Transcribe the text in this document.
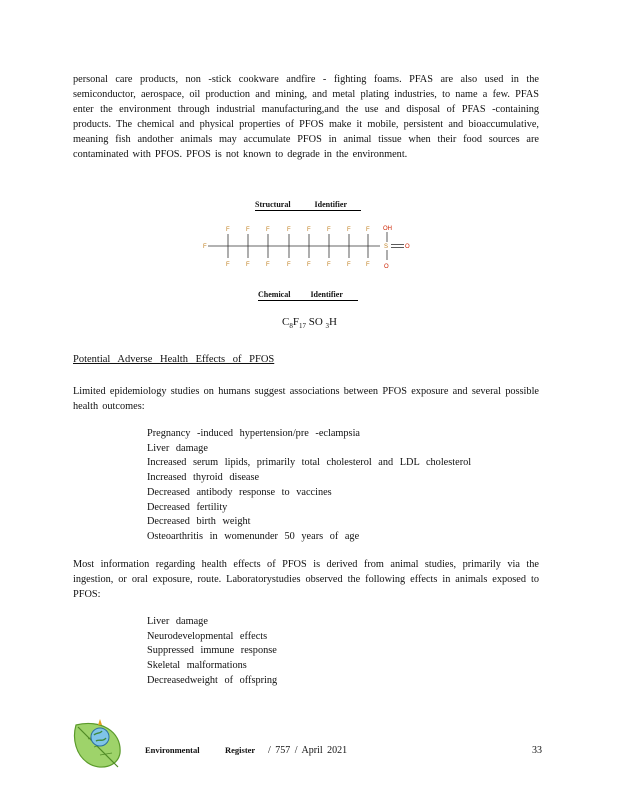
personal care products, non -stick cookware andfire - fighting foams. PFAS are also used in the semiconductor, aerospace, oil production and mining, and metal plating industries, to name a few. PFAS enter the environment through industrial manufacturing,and the use and disposal of PFAS -containing products. The chemical and physical properties of PFOS make it mobile, persistent and bioaccumulative, meaning fish andother animals may accumulate PFOS in animal tissue when their food sources are contaminated with PFOS. PFOS is not known to degrade in the environment.

Structural Identifier
F
F	F	F	F	F	F	F	F
F	F	F	F	F	F	F	F
S
OH
O
O
Chemical Identifier
$C_8F_{17}$ SO $_3$H
Potential Adverse Health Effects of PFOS

Limited epidemiology studies on humans suggest associations between PFOS exposure and several possible health outcomes:

Pregnancy -induced hypertension/pre -eclampsia
Liver damage
Increased serum lipids, primarily total cholesterol and LDL cholesterol
Increased thyroid disease
Decreased antibody response to vaccines
Decreased fertility
Decreased birth weight
Osteoarthritis in womenunder 50 years of age

Most information regarding health effects of PFOS is derived from animal studies, primarily via the ingestion, or oral exposure, route. Laboratorystudies observed the following effects in animals exposed to PFOS:

Liver damage
Neurodevelopmental effects
Suppressed immune response
Skeletal malformations
Decreasedweight of offspring
Environmental	Register / 757 / April 2021	33
